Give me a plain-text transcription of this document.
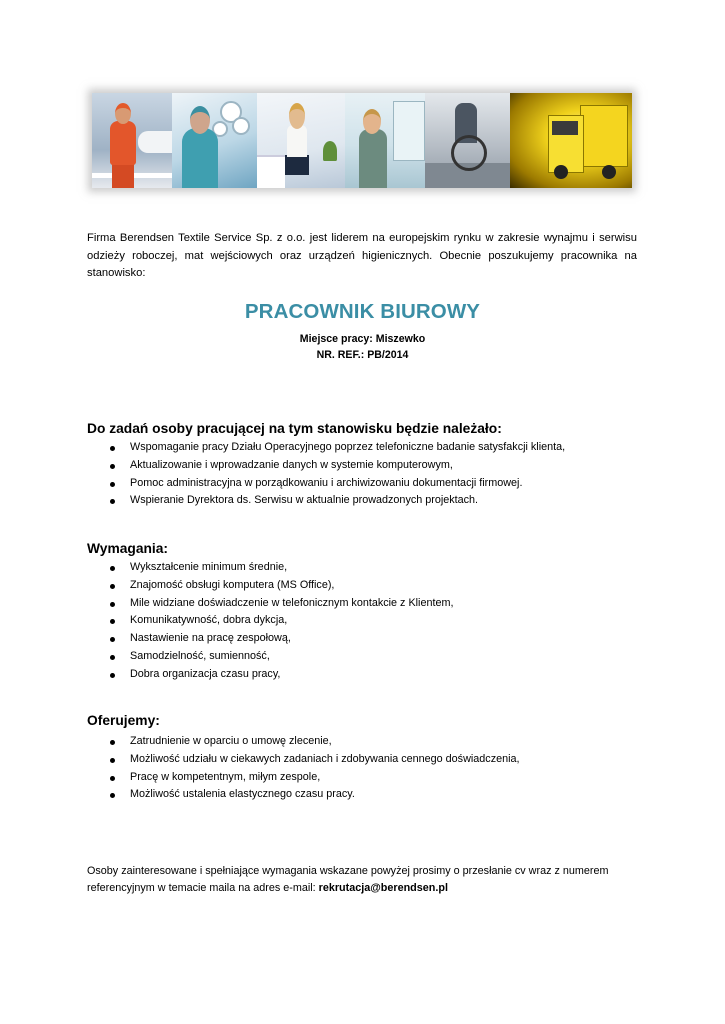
Firma Berendsen Textile Service Sp. z o.o. jest liderem na europejskim rynku w zakresie wynajmu i serwisu odzieży roboczej, mat wejściowych oraz urządzeń higienicznych. Obecnie poszukujemy pracownika na stanowisko:

PRACOWNIK BIUROWY
Miejsce pracy: Miszewko
NR. REF.: PB/2014
Do zadań osoby pracującej na tym stanowisku będzie należało:
Wspomaganie pracy Działu Operacyjnego poprzez telefoniczne badanie satysfakcji klienta,
Aktualizowanie i wprowadzanie danych w systemie komputerowym,
Pomoc administracyjna w porządkowaniu i archiwizowaniu dokumentacji firmowej.
Wspieranie Dyrektora ds. Serwisu w aktualnie prowadzonych projektach.
Wymagania:
Wykształcenie minimum średnie,
Znajomość obsługi komputera (MS Office),
Mile widziane doświadczenie w telefonicznym kontakcie z Klientem,
Komunikatywność, dobra dykcja,
Nastawienie na pracę zespołową,
Samodzielność, sumienność,
Dobra organizacja czasu pracy,
Oferujemy:
Zatrudnienie w oparciu o umowę zlecenie,
Możliwość udziału w ciekawych zadaniach i zdobywania cennego doświadczenia,
Pracę w kompetentnym, miłym zespole,
Możliwość ustalenia elastycznego czasu pracy.

Osoby zainteresowane i spełniające wymagania wskazane powyżej prosimy o przesłanie cv wraz z numerem referencyjnym w temacie maila na adres e-mail: rekrutacja@berendsen.pl
